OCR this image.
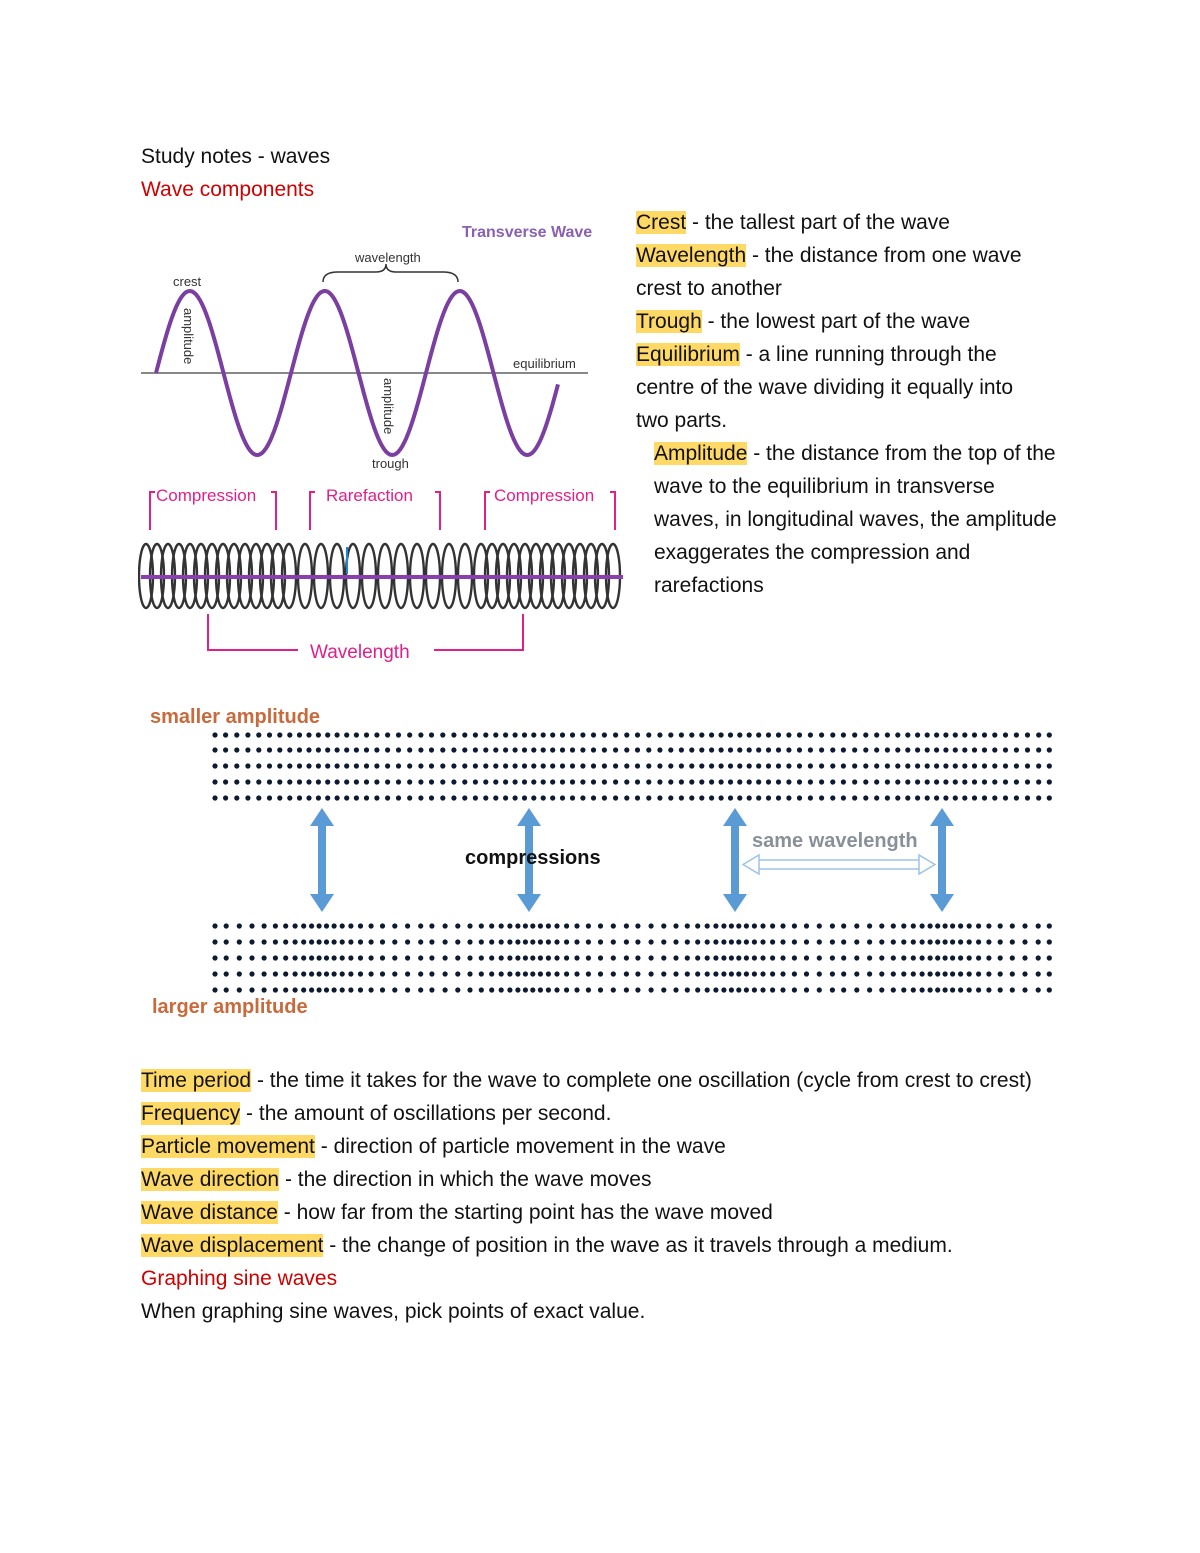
Study notes - waves
Wave components
Transverse Wave
wavelength
crest
amplitude
amplitude
equilibrium
trough
Compression	Rarefaction	Compression
Wavelength

Crest - the tallest part of the wave

Wavelength - the distance from one wave crest to another

Trough - the lowest part of the wave

Equilibrium - a line running through the centre of the wave dividing it equally into two parts.

Amplitude - the distance from the top of the wave to the equilibrium in transverse waves, in longitudinal waves, the amplitude exaggerates the compression and rarefactions

smaller amplitude
same wavelength
compressions
larger amplitude

Time period - the time it takes for the wave to complete one oscillation (cycle from crest to crest)

Frequency - the amount of oscillations per second.

Particle movement - direction of particle movement in the wave

Wave direction - the direction in which the wave moves

Wave distance - how far from the starting point has the wave moved

Wave displacement - the change of position in the wave as it travels through a medium.

Graphing sine waves

When graphing sine waves, pick points of exact value.
